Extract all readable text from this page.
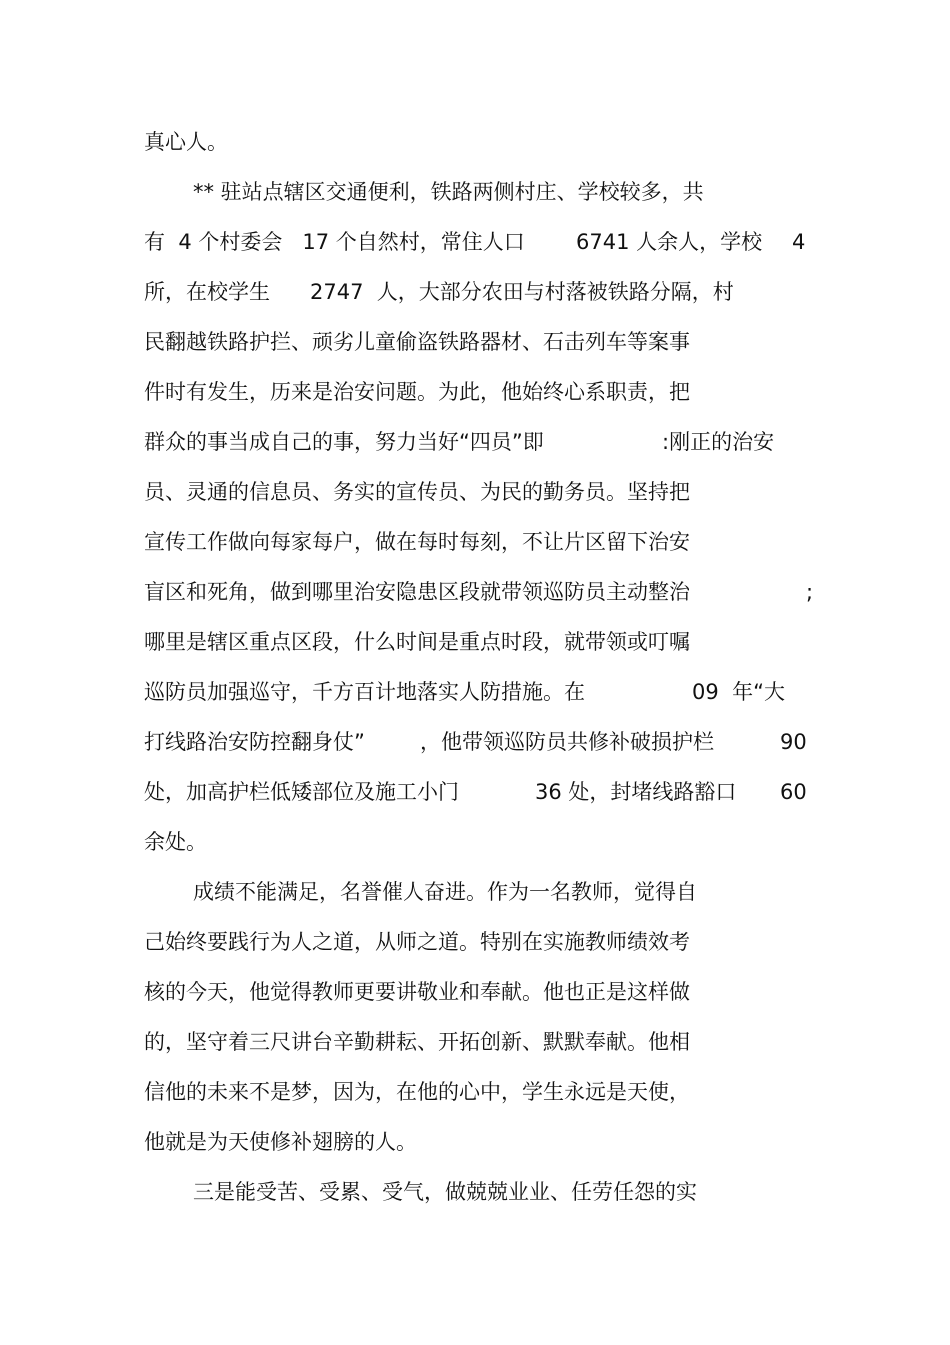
真心人。

** 驻站点辖区交通便利，铁路两侧村庄、学校较多，共

有  4 个村委会   17 个自然村，常住人口

6741 人余人，学校

4

所，在校学生

2747  人，大部分农田与村落被铁路分隔，村

民翻越铁路护拦、顽劣儿童偷盗铁路器材、石击列车等案事

件时有发生，历来是治安问题。为此，他始终心系职责，把

群众的事当成自己的事，努力当好“四员”即

	:刚正的治安

员、灵通的信息员、务实的宣传员、为民的勤务员。坚持把

宣传工作做向每家每户，做在每时每刻，不让片区留下治安

盲区和死角，做到哪里治安隐患区段就带领巡防员主动整治

	;

哪里是辖区重点区段，什么时间是重点时段，就带领或叮嘱

巡防员加强巡守，千方百计地落实人防措施。在

	09  年“大

打线路治安防控翻身仗”

	，他带领巡防员共修补破损护栏

	90

处，加高护栏低矮部位及施工小门

	36 处，封堵线路豁口

60

余处。

成绩不能满足，名誉催人奋进。作为一名教师，觉得自

己始终要践行为人之道，从师之道。特别在实施教师绩效考

核的今天，他觉得教师更要讲敬业和奉献。他也正是这样做

的，坚守着三尺讲台辛勤耕耘、开拓创新、默默奉献。他相

信他的未来不是梦，因为，在他的心中，学生永远是天使，

他就是为天使修补翅膀的人。

三是能受苦、受累、受气，做兢兢业业、任劳任怨的实
